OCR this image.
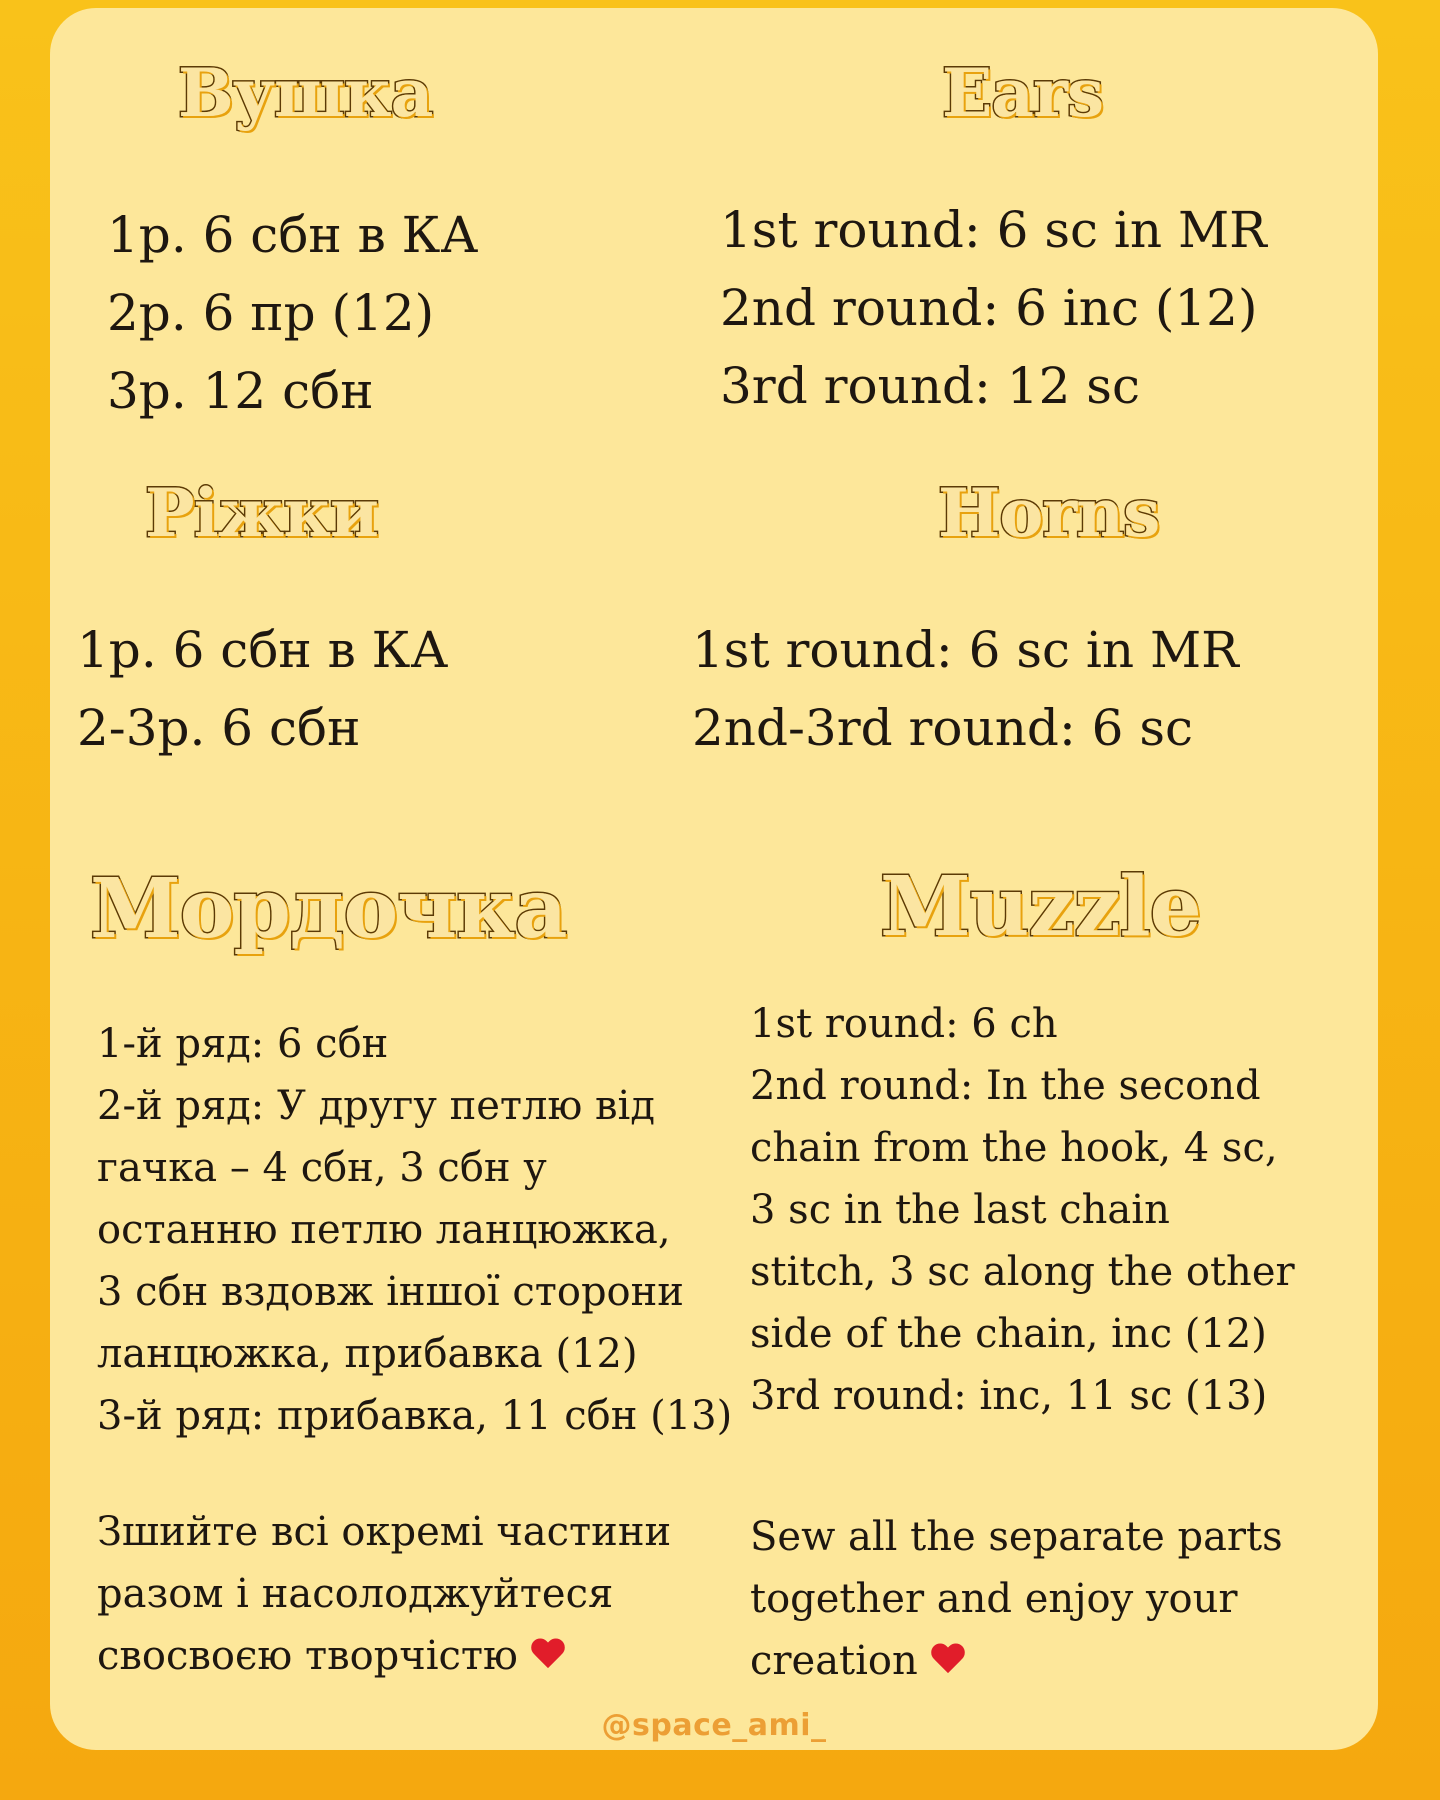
Вушка	Ears
1р. 6 сбн в КА
2р. 6 пр (12)
3р. 12 сбн
1st round: 6 sc in MR
2nd round: 6 inc (12)
3rd round: 12 sc
Ріжки	Horns
1р. 6 сбн в КА
2-3р. 6 сбн
1st round: 6 sc in MR
2nd-3rd round: 6 sc
Мордочка	Muzzle
1-й ряд: 6 сбн
2-й ряд: У другу петлю від
гачка – 4 сбн, 3 сбн у
останню петлю ланцюжка,
3 сбн вздовж іншої сторони
ланцюжка, прибавка (12)
3-й ряд: прибавка, 11 сбн (13)
1st round: 6 ch
2nd round: In the second
chain from the hook, 4 sc,
3 sc in the last chain
stitch, 3 sc along the other
side of the chain, inc (12)
3rd round: inc, 11 sc (13)
Зшийте всі окремі частини
разом і насолоджуйтеся
свосвоєю творчістю
Sew all the separate parts
together and enjoy your
creation
@space_ami_
